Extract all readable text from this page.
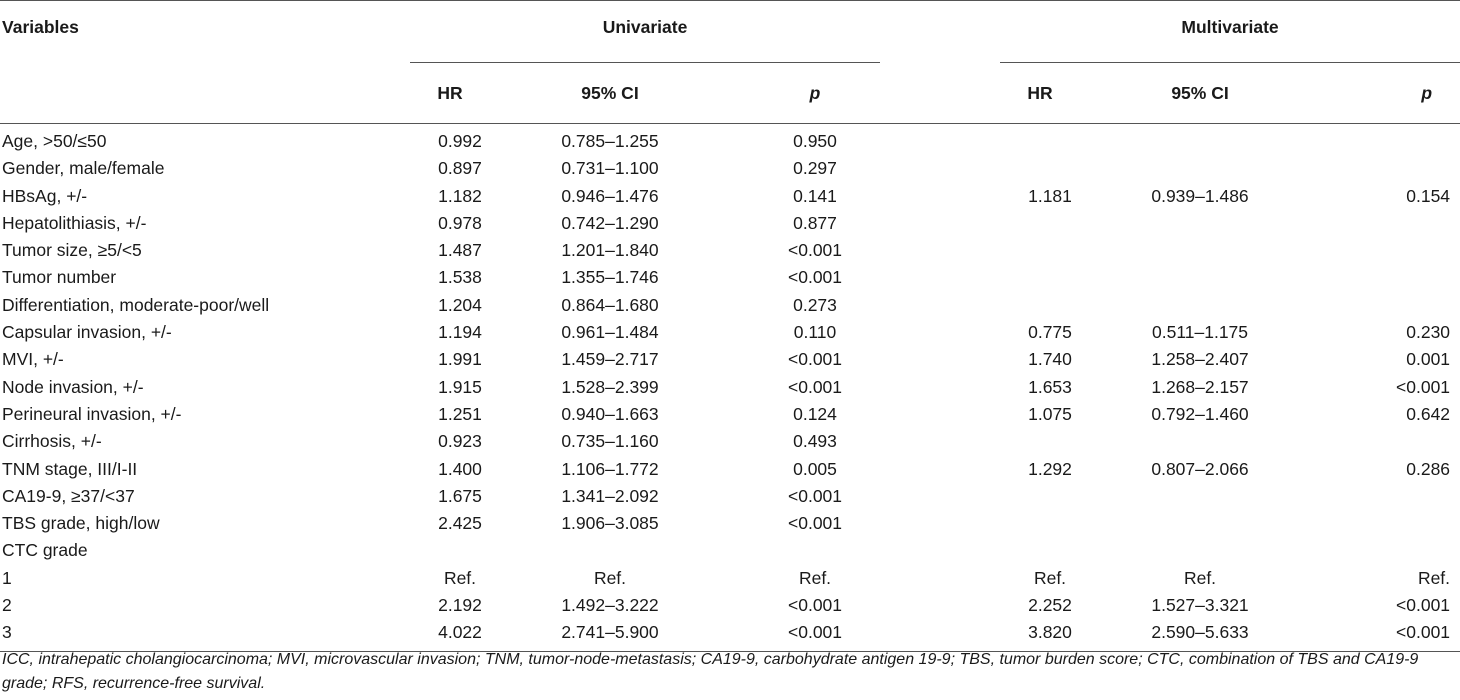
Variables	Univariate				Multivariate		
	HR	95% CI	p		HR	95% CI	p
Age, >50/≤50	0.992	0.785–1.255	0.950				
Gender, male/female	0.897	0.731–1.100	0.297				
HBsAg, +/-	1.182	0.946–1.476	0.141		1.181	0.939–1.486	0.154
Hepatolithiasis, +/-	0.978	0.742–1.290	0.877				
Tumor size, ≥5/<5	1.487	1.201–1.840	<0.001				
Tumor number	1.538	1.355–1.746	<0.001				
Differentiation, moderate-poor/well	1.204	0.864–1.680	0.273				
Capsular invasion, +/-	1.194	0.961–1.484	0.110		0.775	0.511–1.175	0.230
MVI, +/-	1.991	1.459–2.717	<0.001		1.740	1.258–2.407	0.001
Node invasion, +/-	1.915	1.528–2.399	<0.001		1.653	1.268–2.157	<0.001
Perineural invasion, +/-	1.251	0.940–1.663	0.124		1.075	0.792–1.460	0.642
Cirrhosis, +/-	0.923	0.735–1.160	0.493				
TNM stage, III/I-II	1.400	1.106–1.772	0.005		1.292	0.807–2.066	0.286
CA19-9, ≥37/<37	1.675	1.341–2.092	<0.001				
TBS grade, high/low	2.425	1.906–3.085	<0.001				
CTC grade							
1	Ref.	Ref.	Ref.		Ref.	Ref.	Ref.
2	2.192	1.492–3.222	<0.001		2.252	1.527–3.321	<0.001
3	4.022	2.741–5.900	<0.001		3.820	2.590–5.633	<0.001
ICC, intrahepatic cholangiocarcinoma; MVI, microvascular invasion; TNM, tumor-node-metastasis; CA19-9, carbohydrate antigen 19-9; TBS, tumor burden score; CTC, combination of TBS and CA19-9 grade; RFS, recurrence-free survival.
